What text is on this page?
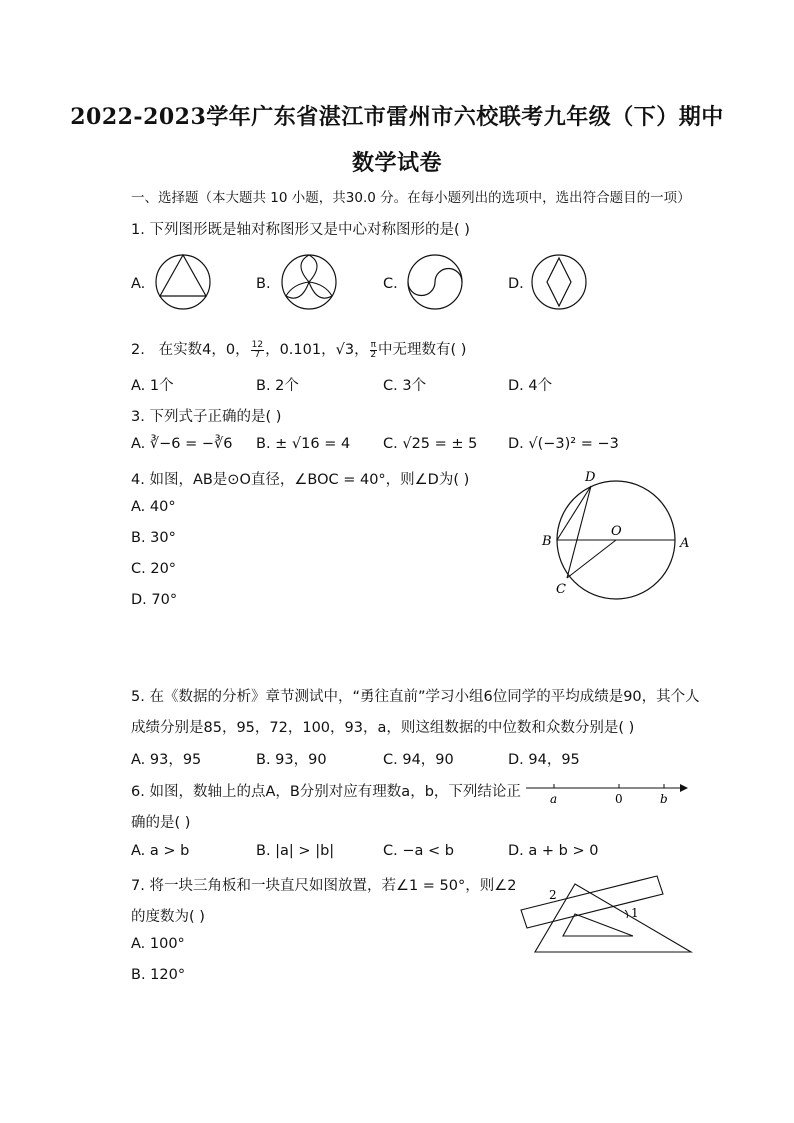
2022-2023学年广东省湛江市雷州市六校联考九年级（下）期中
数学试卷
一、选择题（本大题共 10 小题，共30.0 分。在每小题列出的选项中，选出符合题目的一项）
1. 下列图形既是轴对称图形又是中心对称图形的是( )
A.	B.	C.	D.
2. 在实数4，0， $\frac{12}{7}$ ，0.101，√3， $\frac{\pi}{2}$ 中无理数有( )
A. 1个	B. 2个	C. 3个	D. 4个
3. 下列式子正确的是( )
A. ∛−6 = −∛6 B. ± √16 = 4 C. √25 = ± 5 D. √(−3)² = −3
4. 如图，AB是⊙O直径，∠BOC = 40°，则∠D为( )
A. 40°
B. 30°
C. 20°
D. 70°
D
O
B	A
C
5. 在《数据的分析》章节测试中，“勇往直前”学习小组6位同学的平均成绩是90，其个人
成绩分别是85，95，72，100，93，a，则这组数据的中位数和众数分别是( )
A. 93，95	B. 93，90	C. 94，90	D. 94，95
6. 如图，数轴上的点A，B分别对应有理数a，b，下列结论正
确的是( )
A. a > b	B. |a| > |b|	C. −a < b	D. a + b > 0
a	0	b
7. 将一块三角板和一块直尺如图放置，若∠1 = 50°，则∠2
的度数为( )
A. 100°
B. 120°
1
2
